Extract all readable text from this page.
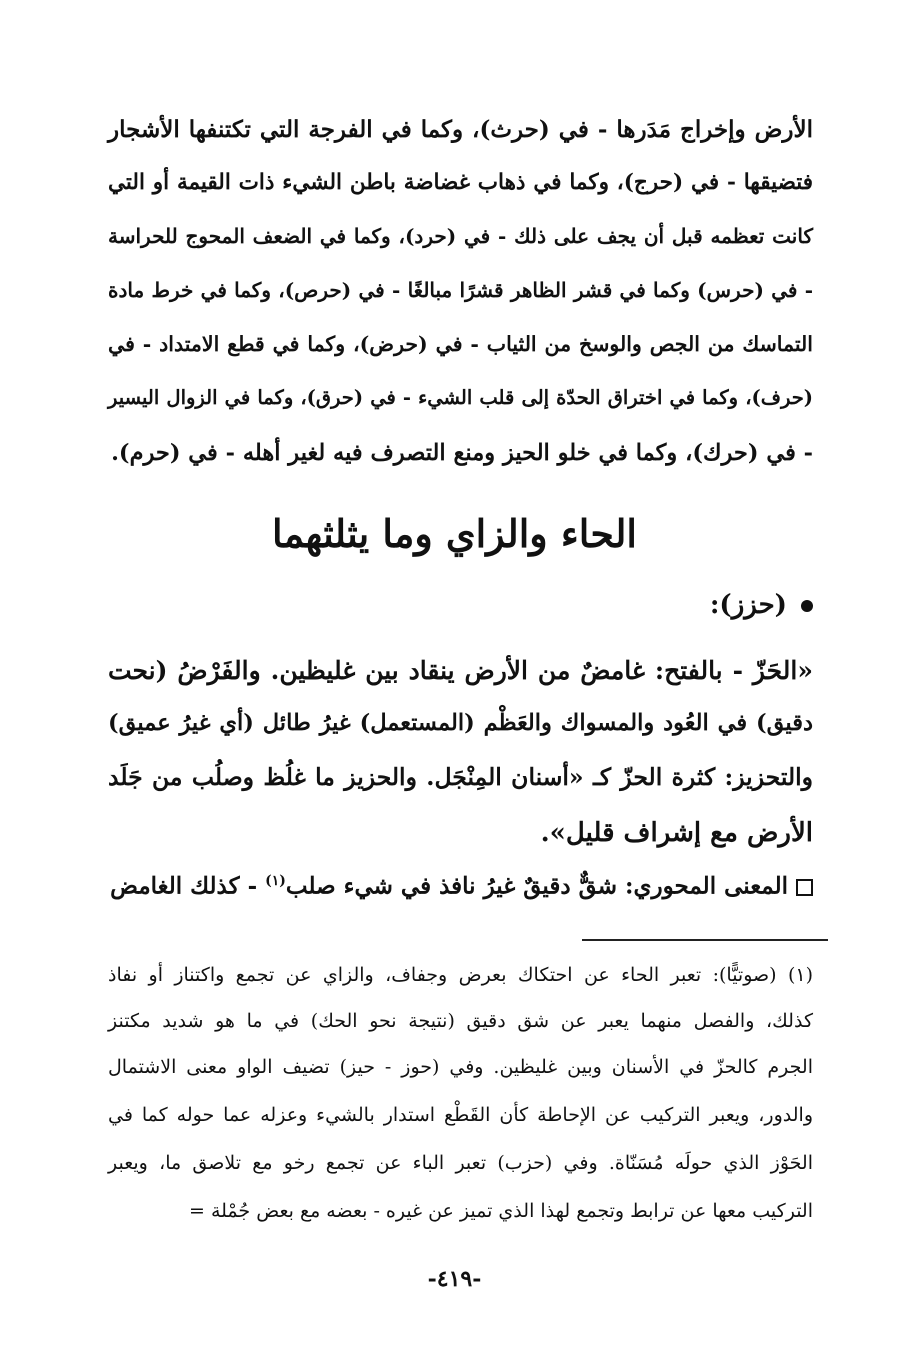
الأرض وإخراج مَدَرها - في (حرث)، وكما في الفرجة التي تكتنفها الأشجار
فتضيقها - في (حرج)، وكما في ذهاب غضاضة باطن الشيء ذات القيمة أو التي
كانت تعظمه قبل أن يجف على ذلك - في (حرد)، وكما في الضعف المحوج للحراسة
- في (حرس) وكما في قشر الظاهر قشرًا مبالغًا - في (حرص)، وكما في خرط مادة
التماسك من الجص والوسخ من الثياب - في (حرض)، وكما في قطع الامتداد - في
(حرف)، وكما في اختراق الحدّة إلى قلب الشيء - في (حرق)، وكما في الزوال اليسير
- في (حرك)، وكما في خلو الحيز ومنع التصرف فيه لغير أهله - في (حرم).
الحاء والزاي وما يثلثهما
(حزز):
«الحَزّ - بالفتح: غامضٌ من الأرض ينقاد بين غليظين. والفَرْضُ (نحت
دقيق) في العُود والمسواك والعَظْم (المستعمل) غيرُ طائل (أي غيرُ عميق)
والتحزيز: كثرة الحزّ كـ «أسنان المِنْجَل. والحزيز ما غلُظ وصلُب من جَلَد
الأرض مع إشراف قليل».
المعنى المحوري: شقٌّ دقيقٌ غيرُ نافذ في شيء صلب$^{(١)}$ - كذلك الغامض
(١) (صوتيًّا): تعبر الحاء عن احتكاك بعرض وجفاف، والزاي عن تجمع واكتناز أو نفاذ
كذلك، والفصل منهما يعبر عن شق دقيق (نتيجة نحو الحك) في ما هو شديد مكتنز
الجرم كالحزّ في الأسنان وبين غليظين. وفي (حوز - حيز) تضيف الواو معنى الاشتمال
والدور، ويعبر التركيب عن الإحاطة كأن القَطْع استدار بالشيء وعزله عما حوله كما في
الحَوْز الذي حولَه مُسَنّاة. وفي (حزب) تعبر الباء عن تجمع رخو مع تلاصق ما، ويعبر
التركيب معها عن ترابط وتجمع لهذا الذي تميز عن غيره - بعضه مع بعض جُمْلة =
-٤١٩-
